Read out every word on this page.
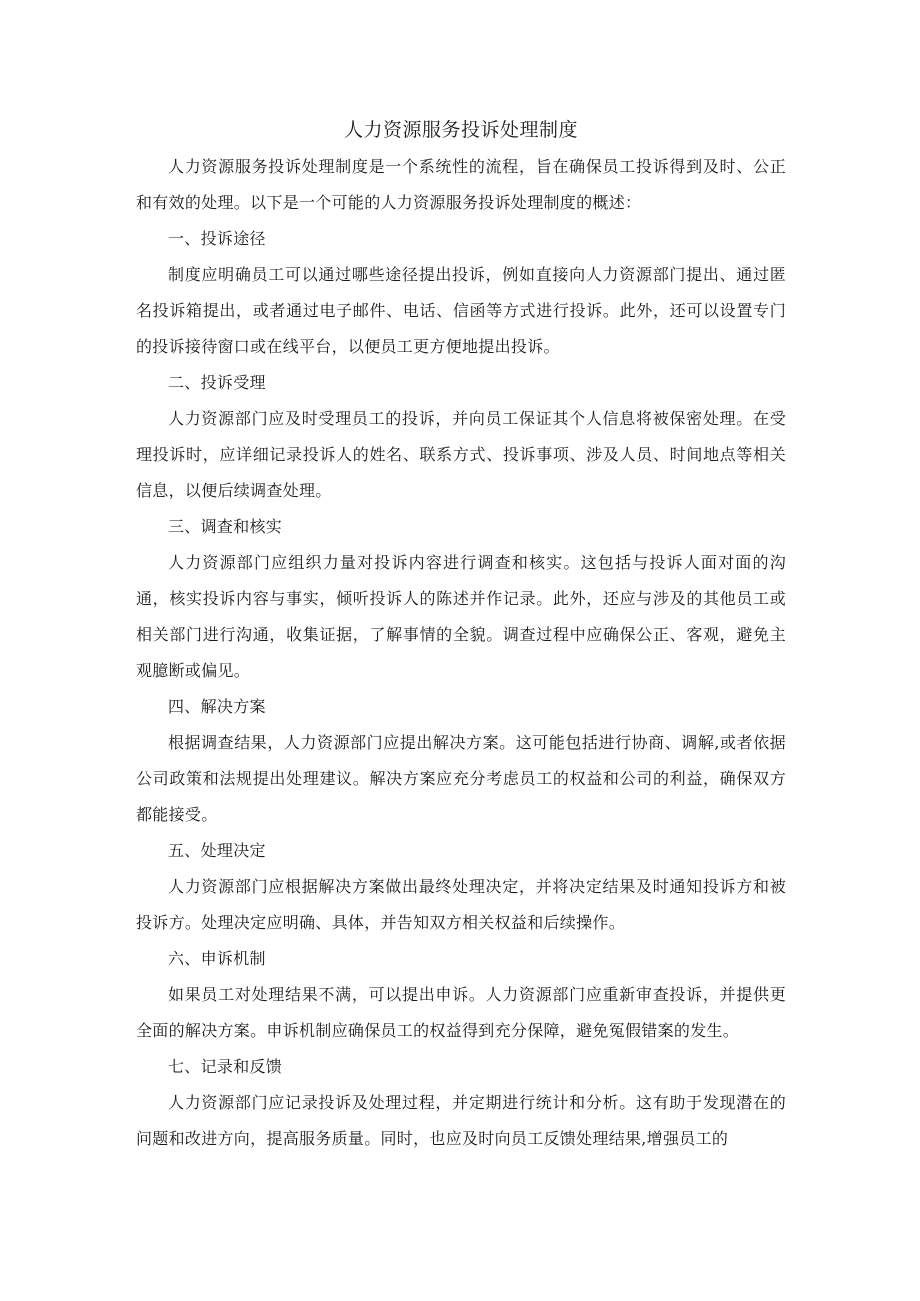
人力资源服务投诉处理制度

人力资源服务投诉处理制度是一个系统性的流程，旨在确保员工投诉得到及时、公正和有效的处理。以下是一个可能的人力资源服务投诉处理制度的概述：

一、投诉途径

制度应明确员工可以通过哪些途径提出投诉，例如直接向人力资源部门提出、通过匿名投诉箱提出，或者通过电子邮件、电话、信函等方式进行投诉。此外，还可以设置专门的投诉接待窗口或在线平台，以便员工更方便地提出投诉。

二、投诉受理

人力资源部门应及时受理员工的投诉，并向员工保证其个人信息将被保密处理。在受理投诉时，应详细记录投诉人的姓名、联系方式、投诉事项、涉及人员、时间地点等相关信息，以便后续调查处理。

三、调查和核实

人力资源部门应组织力量对投诉内容进行调查和核实。这包括与投诉人面对面的沟通，核实投诉内容与事实，倾听投诉人的陈述并作记录。此外，还应与涉及的其他员工或相关部门进行沟通，收集证据，了解事情的全貌。调查过程中应确保公正、客观，避免主观臆断或偏见。

四、解决方案

根据调查结果，人力资源部门应提出解决方案。这可能包括进行协商、调解,或者依据公司政策和法规提出处理建议。解决方案应充分考虑员工的权益和公司的利益，确保双方都能接受。

五、处理决定

人力资源部门应根据解决方案做出最终处理决定，并将决定结果及时通知投诉方和被投诉方。处理决定应明确、具体，并告知双方相关权益和后续操作。

六、申诉机制

如果员工对处理结果不满，可以提出申诉。人力资源部门应重新审查投诉，并提供更全面的解决方案。申诉机制应确保员工的权益得到充分保障，避免冤假错案的发生。

七、记录和反馈

人力资源部门应记录投诉及处理过程，并定期进行统计和分析。这有助于发现潜在的问题和改进方向，提高服务质量。同时，也应及时向员工反馈处理结果,增强员工的
